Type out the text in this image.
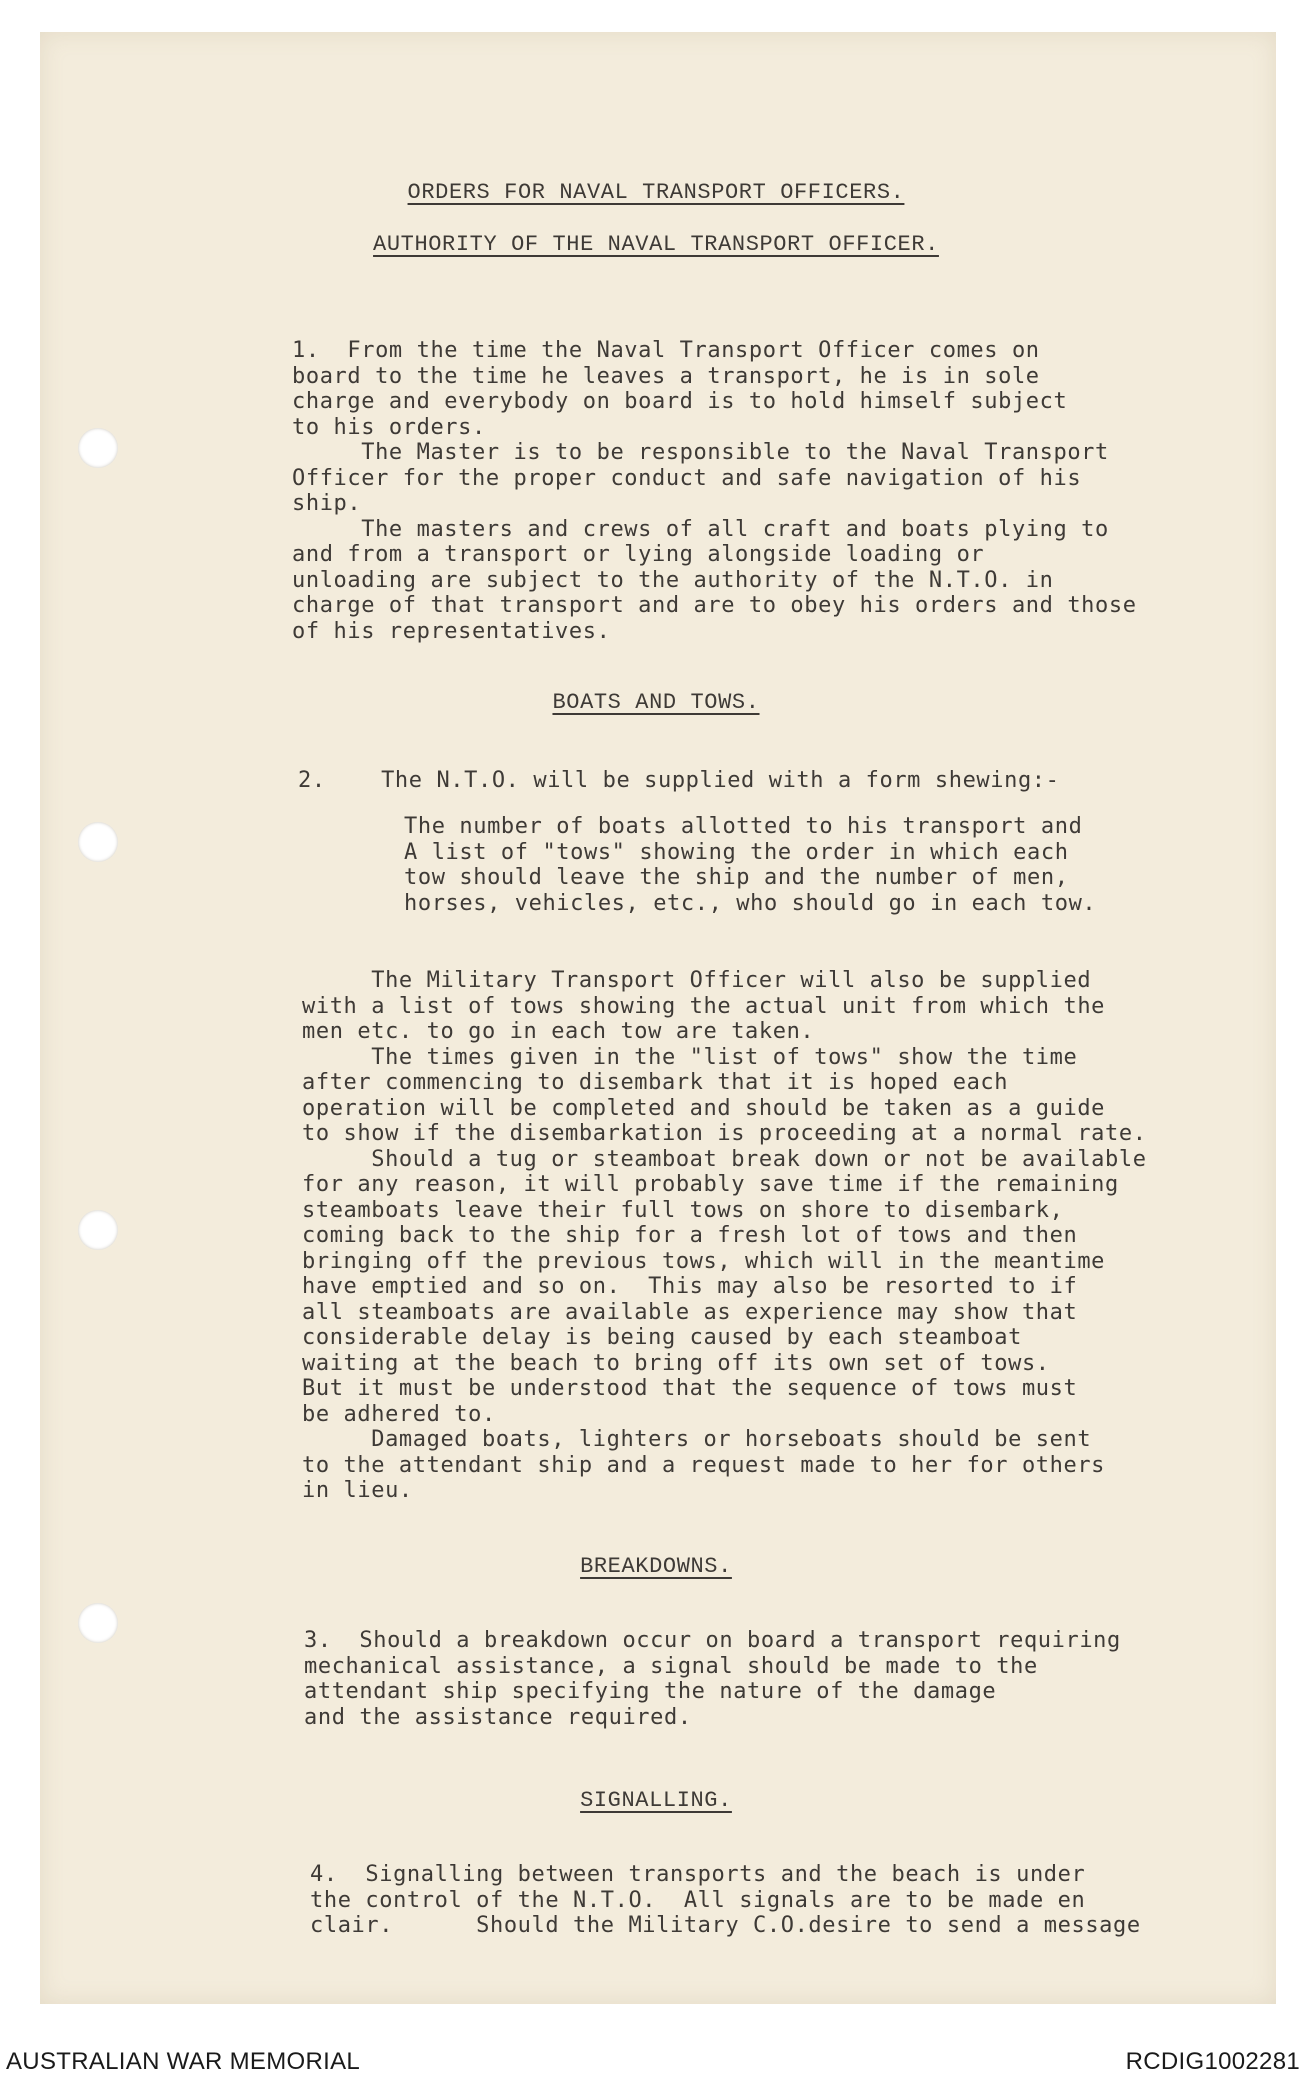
ORDERS FOR NAVAL TRANSPORT OFFICERS.
AUTHORITY OF THE NAVAL TRANSPORT OFFICER.
1.  From the time the Naval Transport Officer comes on
board to the time he leaves a transport, he is in sole
charge and everybody on board is to hold himself subject
to his orders.
The Master is to be responsible to the Naval Transport
Officer for the proper conduct and safe navigation of his
ship.
The masters and crews of all craft and boats plying to
and from a transport or lying alongside loading or
unloading are subject to the authority of the N.T.O. in
charge of that transport and are to obey his orders and those
of his representatives.
BOATS AND TOWS.
2.    The N.T.O. will be supplied with a form shewing:-
The number of boats allotted to his transport and
A list of "tows" showing the order in which each
tow should leave the ship and the number of men,
horses, vehicles, etc., who should go in each tow.
The Military Transport Officer will also be supplied
with a list of tows showing the actual unit from which the
men etc. to go in each tow are taken.
The times given in the "list of tows" show the time
after commencing to disembark that it is hoped each
operation will be completed and should be taken as a guide
to show if the disembarkation is proceeding at a normal rate.
Should a tug or steamboat break down or not be available
for any reason, it will probably save time if the remaining
steamboats leave their full tows on shore to disembark,
coming back to the ship for a fresh lot of tows and then
bringing off the previous tows, which will in the meantime
have emptied and so on.  This may also be resorted to if
all steamboats are available as experience may show that
considerable delay is being caused by each steamboat
waiting at the beach to bring off its own set of tows.
But it must be understood that the sequence of tows must
be adhered to.
Damaged boats, lighters or horseboats should be sent
to the attendant ship and a request made to her for others
in lieu.
BREAKDOWNS.
3.  Should a breakdown occur on board a transport requiring
mechanical assistance, a signal should be made to the
attendant ship specifying the nature of the damage
and the assistance required.
SIGNALLING.
4.  Signalling between transports and the beach is under
the control of the N.T.O.  All signals are to be made en
clair.      Should the Military C.O.desire to send a message
AUSTRALIAN WAR MEMORIAL	RCDIG1002281
